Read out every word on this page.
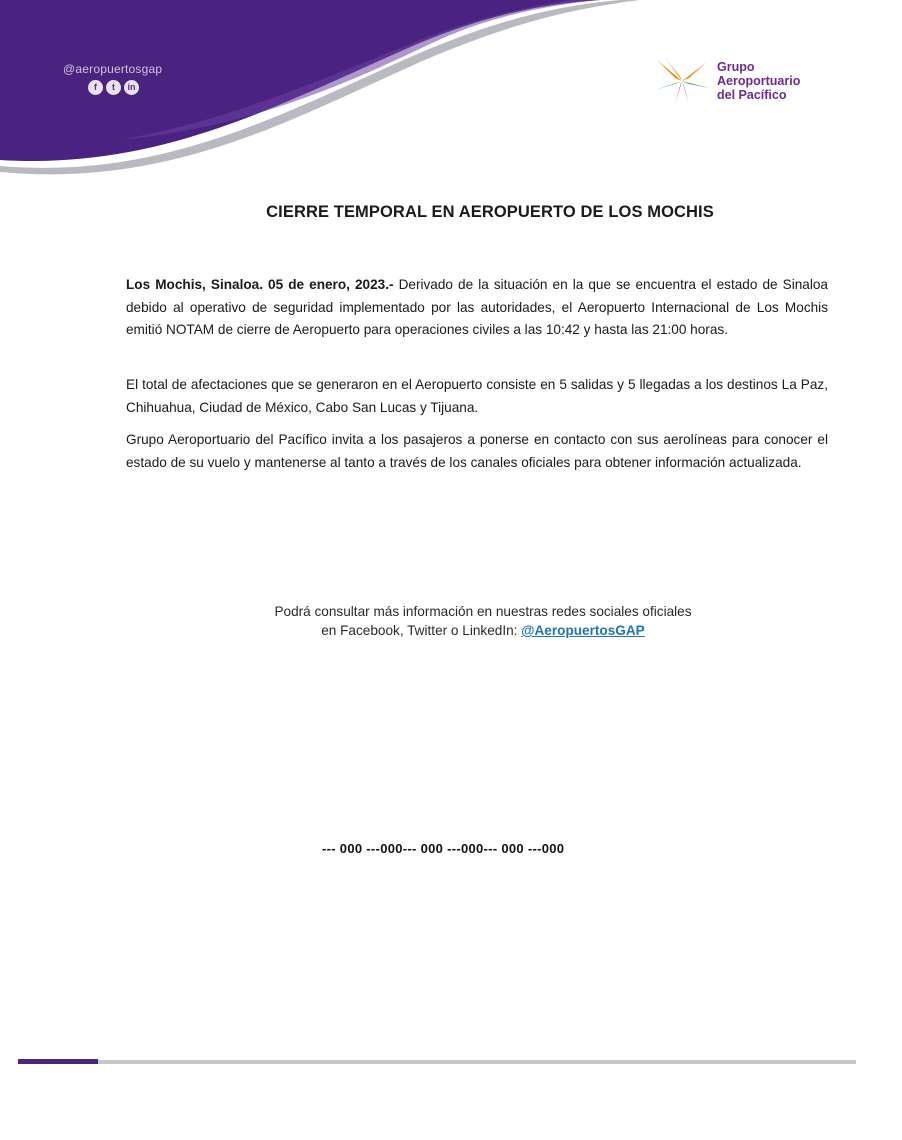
@aeropuertosgap
f	t	in
Grupo
Aeroportuario
del Pacífico
CIERRE TEMPORAL EN AEROPUERTO DE LOS MOCHIS

Los Mochis, Sinaloa. 05 de enero, 2023.- Derivado de la situación en la que se encuentra el estado de Sinaloa debido al operativo de seguridad implementado por las autoridades, el Aeropuerto Internacional de Los Mochis emitió NOTAM de cierre de Aeropuerto para operaciones civiles a las 10:42 y hasta las 21:00 horas.

El total de afectaciones que se generaron en el Aeropuerto consiste en 5 salidas y 5 llegadas a los destinos La Paz, Chihuahua, Ciudad de México, Cabo San Lucas y Tijuana.

Grupo Aeroportuario del Pacífico invita a los pasajeros a ponerse en contacto con sus aerolíneas para conocer el estado de su vuelo y mantenerse al tanto a través de los canales oficiales para obtener información actualizada.

Podrá consultar más información en nuestras redes sociales oficiales
en Facebook, Twitter o LinkedIn: @AeropuertosGAP
--- 000 ---000--- 000 ---000--- 000 ---000
